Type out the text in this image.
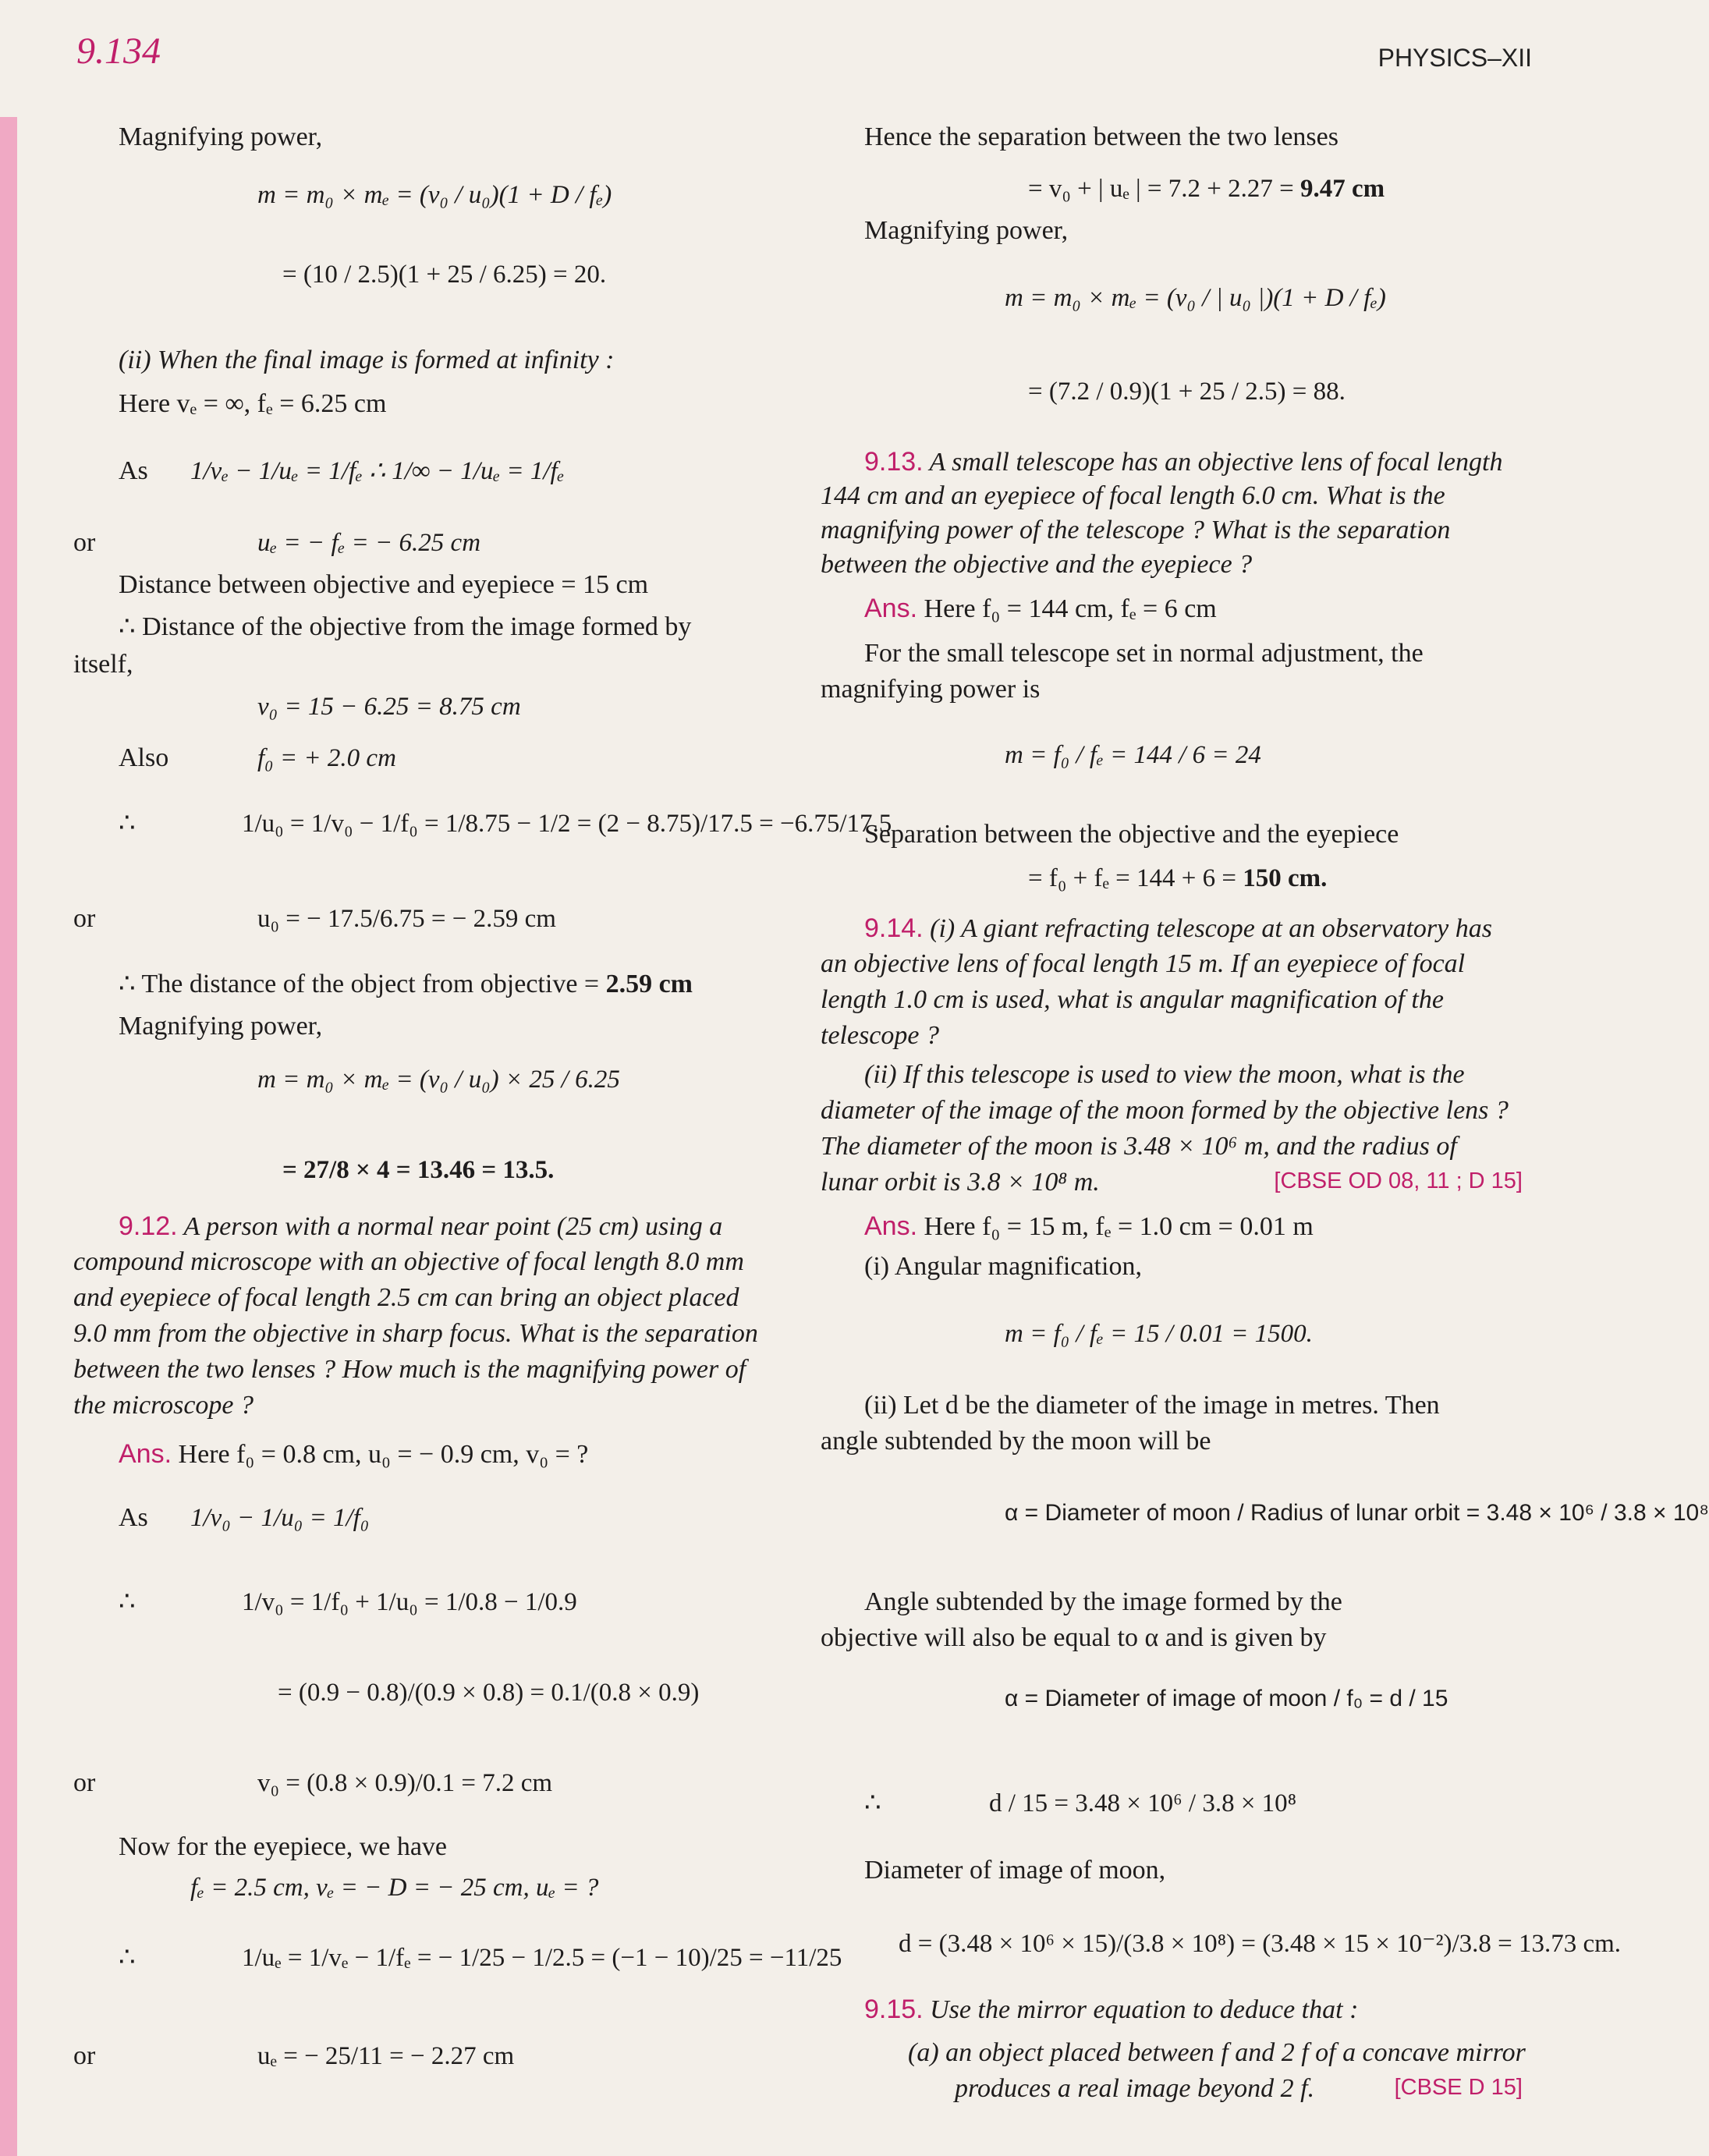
9.134	PHYSICS–XII
Magnifying power,
m = m₀ × mₑ = (v₀ / u₀)(1 + D / fₑ)
= (10 / 2.5)(1 + 25 / 6.25) = 20.
(ii) When the final image is formed at infinity :
Here vₑ = ∞, fₑ = 6.25 cm
As 1/vₑ − 1/uₑ = 1/fₑ ∴ 1/∞ − 1/uₑ = 1/fₑ
or	uₑ = − fₑ = − 6.25 cm
Distance between objective and eyepiece = 15 cm
∴ Distance of the objective from the image formed by
itself,
v₀ = 15 − 6.25 = 8.75 cm
Also	f₀ = + 2.0 cm
∴	1/u₀ = 1/v₀ − 1/f₀ = 1/8.75 − 1/2 = (2 − 8.75)/17.5 = −6.75/17.5
or	u₀ = − 17.5/6.75 = − 2.59 cm
∴ The distance of the object from objective = 2.59 cm
Magnifying power,
m = m₀ × mₑ = (v₀ / u₀) × 25 / 6.25
= 27/8 × 4 = 13.46 = 13.5.
9.12. A person with a normal near point (25 cm) using a
compound microscope with an objective of focal length 8.0 mm
and eyepiece of focal length 2.5 cm can bring an object placed
9.0 mm from the objective in sharp focus. What is the separation
between the two lenses ? How much is the magnifying power of
the microscope ?
Ans. Here f₀ = 0.8 cm, u₀ = − 0.9 cm, v₀ = ?
As 1/v₀ − 1/u₀ = 1/f₀
∴	1/v₀ = 1/f₀ + 1/u₀ = 1/0.8 − 1/0.9
= (0.9 − 0.8)/(0.9 × 0.8) = 0.1/(0.8 × 0.9)
or	v₀ = (0.8 × 0.9)/0.1 = 7.2 cm
Now for the eyepiece, we have
fₑ = 2.5 cm, vₑ = − D = − 25 cm, uₑ = ?
∴	1/uₑ = 1/vₑ − 1/fₑ = − 1/25 − 1/2.5 = (−1 − 10)/25 = −11/25
or	uₑ = − 25/11 = − 2.27 cm
Hence the separation between the two lenses
= v₀ + | uₑ | = 7.2 + 2.27 = 9.47 cm
Magnifying power,
m = m₀ × mₑ = (v₀ / | u₀ |)(1 + D / fₑ)
= (7.2 / 0.9)(1 + 25 / 2.5) = 88.
9.13. A small telescope has an objective lens of focal length
144 cm and an eyepiece of focal length 6.0 cm. What is the
magnifying power of the telescope ? What is the separation
between the objective and the eyepiece ?
Ans. Here f₀ = 144 cm, fₑ = 6 cm
For the small telescope set in normal adjustment, the
magnifying power is
m = f₀ / fₑ = 144 / 6 = 24
Separation between the objective and the eyepiece
= f₀ + fₑ = 144 + 6 = 150 cm.
9.14. (i) A giant refracting telescope at an observatory has
an objective lens of focal length 15 m. If an eyepiece of focal
length 1.0 cm is used, what is angular magnification of the
telescope ?
(ii) If this telescope is used to view the moon, what is the
diameter of the image of the moon formed by the objective lens ?
The diameter of the moon is 3.48 × 10⁶ m, and the radius of
lunar orbit is 3.8 × 10⁸ m.	[CBSE OD 08, 11 ; D 15]
Ans. Here f₀ = 15 m, fₑ = 1.0 cm = 0.01 m
(i) Angular magnification,
m = f₀ / fₑ = 15 / 0.01 = 1500.
(ii) Let d be the diameter of the image in metres. Then
angle subtended by the moon will be
α = Diameter of moon / Radius of lunar orbit = 3.48 × 10⁶ / 3.8 × 10⁸
Angle subtended by the image formed by the
objective will also be equal to α and is given by
α = Diameter of image of moon / f₀ = d / 15
∴	d / 15 = 3.48 × 10⁶ / 3.8 × 10⁸
Diameter of image of moon,
d = (3.48 × 10⁶ × 15)/(3.8 × 10⁸) = (3.48 × 15 × 10⁻²)/3.8 = 13.73 cm.
9.15. Use the mirror equation to deduce that :
(a) an object placed between f and 2 f of a concave mirror
produces a real image beyond 2 f.	[CBSE D 15]
